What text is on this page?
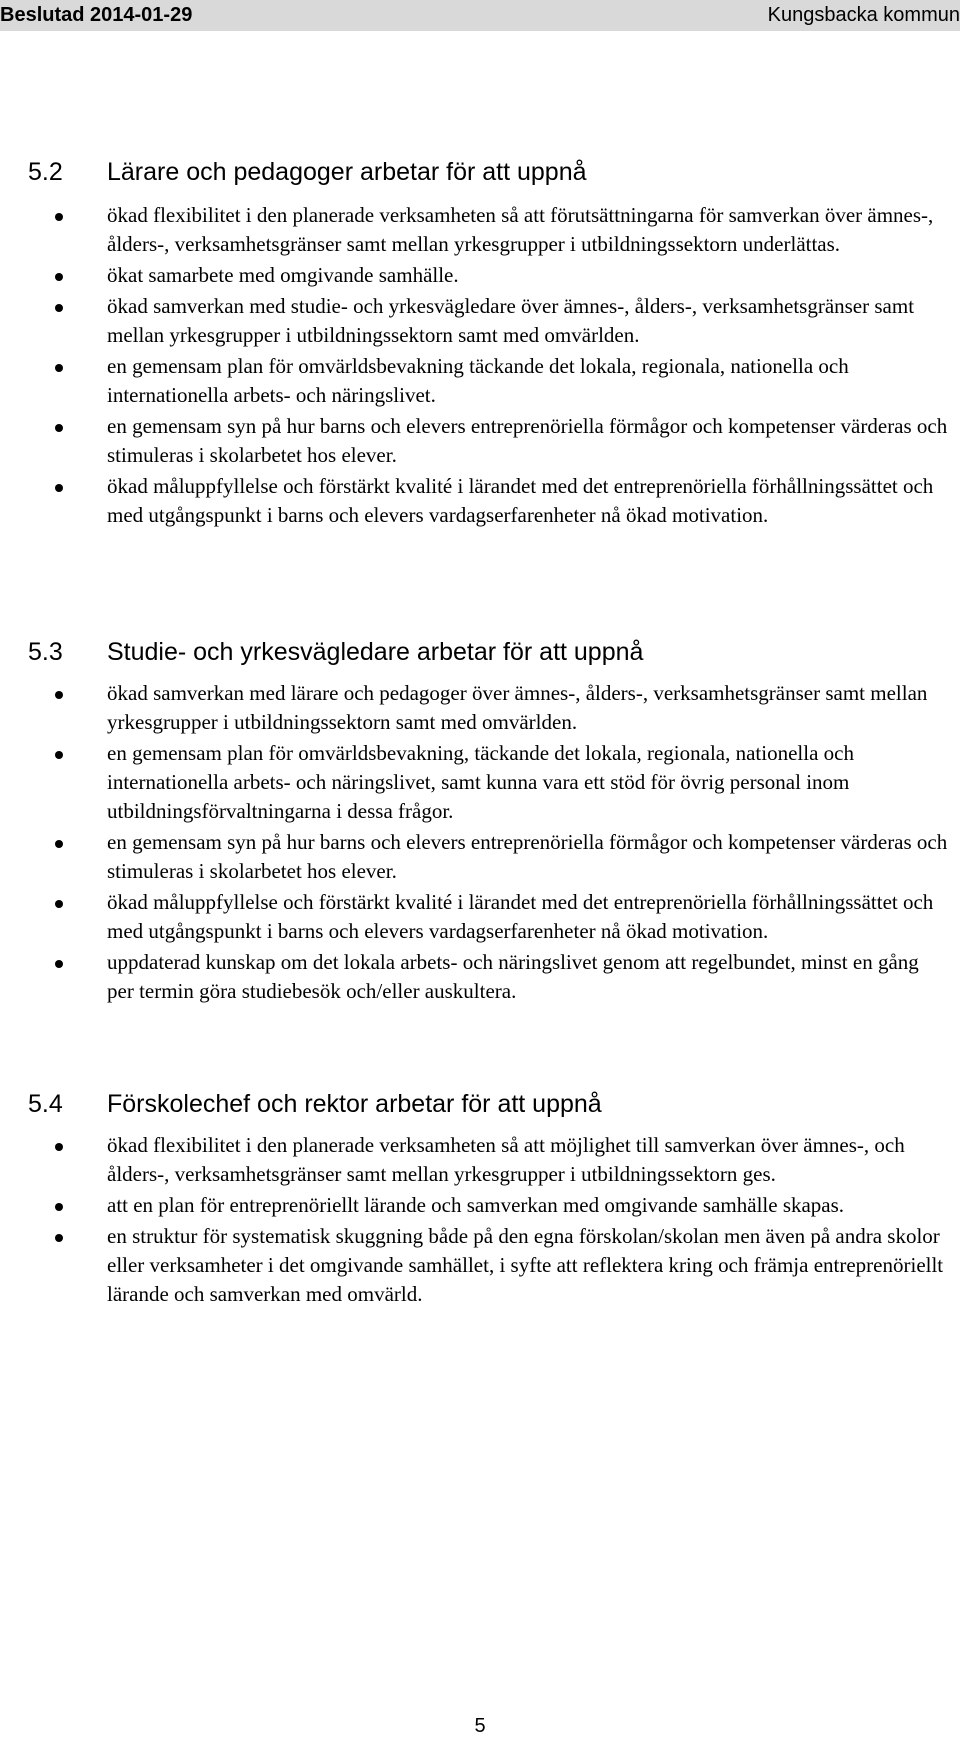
Beslutad 2014-01-29	Kungsbacka kommun
5.2 Lärare och pedagoger arbetar för att uppnå
ökad flexibilitet i den planerade verksamheten så att förutsättningarna för samverkan över ämnes-, ålders-, verksamhetsgränser samt mellan yrkesgrupper i utbildningssektorn underlättas.
ökat samarbete med omgivande samhälle.
ökad samverkan med studie- och yrkesvägledare över ämnes-, ålders-, verksamhetsgränser samt mellan yrkesgrupper i utbildningssektorn samt med omvärlden.
en gemensam plan för omvärldsbevakning täckande det lokala, regionala, nationella och internationella arbets- och näringslivet.
en gemensam syn på hur barns och elevers entreprenöriella förmågor och kompetenser värderas och stimuleras i skolarbetet hos elever.
ökad måluppfyllelse och förstärkt kvalité i lärandet med det entreprenöriella förhållningssättet och med utgångspunkt i barns och elevers vardagserfarenheter nå ökad motivation.
5.3 Studie- och yrkesvägledare arbetar för att uppnå
ökad samverkan med lärare och pedagoger över ämnes-, ålders-, verksamhetsgränser samt mellan yrkesgrupper i utbildningssektorn samt med omvärlden.
en gemensam plan för omvärldsbevakning, täckande det lokala, regionala, nationella och internationella arbets- och näringslivet, samt kunna vara ett stöd för övrig personal inom utbildningsförvaltningarna i dessa frågor.
en gemensam syn på hur barns och elevers entreprenöriella förmågor och kompetenser värderas och stimuleras i skolarbetet hos elever.
ökad måluppfyllelse och förstärkt kvalité i lärandet med det entreprenöriella förhållningssättet och med utgångspunkt i barns och elevers vardagserfarenheter nå ökad motivation.
uppdaterad kunskap om det lokala arbets- och näringslivet genom att regelbundet, minst en gång per termin göra studiebesök och/eller auskultera.
5.4 Förskolechef och rektor arbetar för att uppnå
ökad flexibilitet i den planerade verksamheten så att möjlighet till samverkan över ämnes-, och ålders-, verksamhetsgränser samt mellan yrkesgrupper i utbildningssektorn ges.
att en plan för entreprenöriellt lärande och samverkan med omgivande samhälle skapas.
en struktur för systematisk skuggning både på den egna förskolan/skolan men även på andra skolor eller verksamheter i det omgivande samhället, i syfte att reflektera kring och främja entreprenöriellt lärande och samverkan med omvärld.
5
